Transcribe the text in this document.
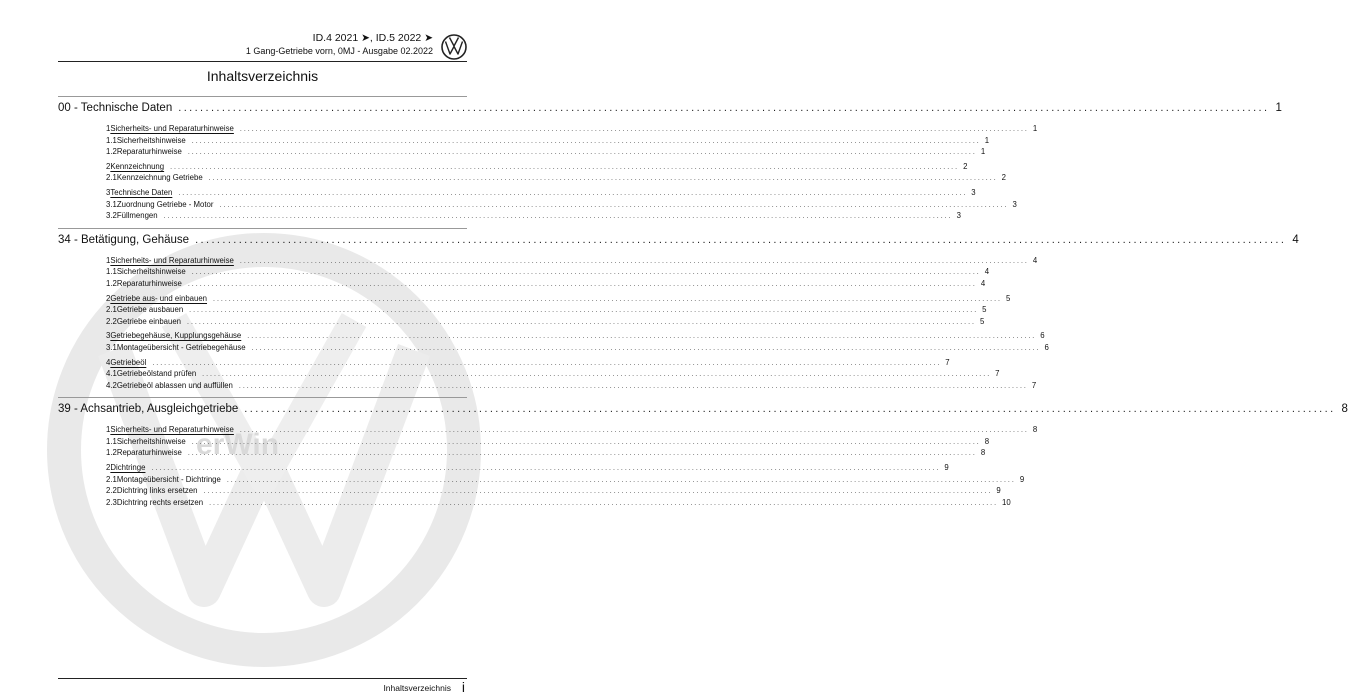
erWin
ID.4 2021 ➤, ID.5 2022 ➤
1 Gang-Getriebe vorn, 0MJ - Ausgabe 02.2022
Inhaltsverzeichnis
00 - Technische Daten ........................................................................................................................................................................................................ 1
1 Sicherheits- und Reparaturhinweise ........................................................................................................................................................................................................ 1
1.1 Sicherheitshinweise ........................................................................................................................................................................................................ 1
1.2 Reparaturhinweise ........................................................................................................................................................................................................ 1
2 Kennzeichnung ........................................................................................................................................................................................................ 2
2.1 Kennzeichnung Getriebe ........................................................................................................................................................................................................ 2
3 Technische Daten ........................................................................................................................................................................................................ 3
3.1 Zuordnung Getriebe - Motor ........................................................................................................................................................................................................ 3
3.2 Füllmengen ........................................................................................................................................................................................................ 3
34 - Betätigung, Gehäuse ........................................................................................................................................................................................................ 4
1 Sicherheits- und Reparaturhinweise ........................................................................................................................................................................................................ 4
1.1 Sicherheitshinweise ........................................................................................................................................................................................................ 4
1.2 Reparaturhinweise ........................................................................................................................................................................................................ 4
2 Getriebe aus- und einbauen ........................................................................................................................................................................................................ 5
2.1 Getriebe ausbauen ........................................................................................................................................................................................................ 5
2.2 Getriebe einbauen ........................................................................................................................................................................................................ 5
3 Getriebegehäuse, Kupplungsgehäuse ........................................................................................................................................................................................................ 6
3.1 Montageübersicht - Getriebegehäuse ........................................................................................................................................................................................................ 6
4 Getriebeöl ........................................................................................................................................................................................................ 7
4.1 Getriebeölstand prüfen ........................................................................................................................................................................................................ 7
4.2 Getriebeöl ablassen und auffüllen ........................................................................................................................................................................................................ 7
39 - Achsantrieb, Ausgleichgetriebe ........................................................................................................................................................................................................ 8
1 Sicherheits- und Reparaturhinweise ........................................................................................................................................................................................................ 8
1.1 Sicherheitshinweise ........................................................................................................................................................................................................ 8
1.2 Reparaturhinweise ........................................................................................................................................................................................................ 8
2 Dichtringe ........................................................................................................................................................................................................ 9
2.1 Montageübersicht - Dichtringe ........................................................................................................................................................................................................ 9
2.2 Dichtring links ersetzen ........................................................................................................................................................................................................ 9
2.3 Dichtring rechts ersetzen ........................................................................................................................................................................................................ 10
Inhaltsverzeichnis i
